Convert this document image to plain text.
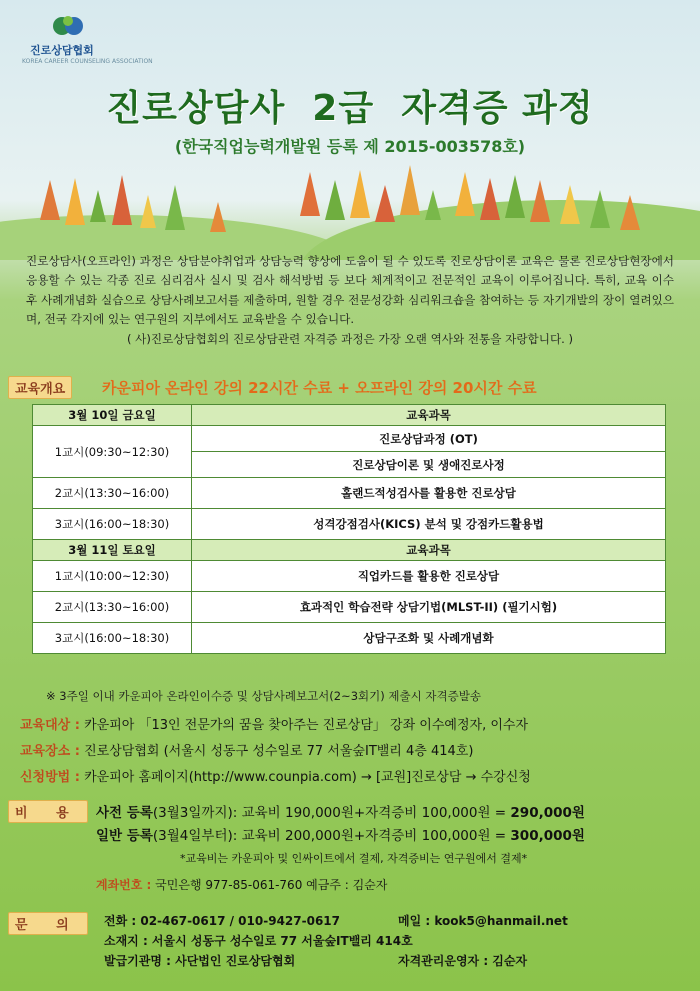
진로상담협회
KOREA CAREER COUNSELING ASSOCIATION
진로상담사  2급  자격증 과정
(한국직업능력개발원 등록 제 2015-003578호)

진로상담사(오프라인) 과정은 상담분야취업과 상담능력 향상에 도움이 될 수 있도록 진로상담이론 교육은 물론 진로상담현장에서 응용할 수 있는 각종 진로 심리검사 실시 및 검사 해석방법 등 보다 체계적이고 전문적인 교육이 이루어집니다. 특히, 교육 이수 후 사례개념화 실습으로 상담사례보고서를 제출하며, 원할 경우 전문성강화 심리워크숍을 참여하는 등 자기개발의 장이 열려있으며, 전국 각지에 있는 연구원의 지부에서도 교육받을 수 있습니다.

( 사)진로상담협회의 진로상담관련 자격증 과정은 가장 오랜 역사와 전통을 자랑합니다. )

교육개요	카운피아 온라인 강의 22시간 수료 + 오프라인 강의 20시간 수료
3월 10일 금요일	교육과목
1교시(09:30~12:30)	진로상담과정 (OT)
	진로상담이론 및 생애진로사정
2교시(13:30~16:00)	홀랜드적성검사를 활용한 진로상담
3교시(16:00~18:30)	성격강점검사(KICS) 분석 및 강점카드활용법
3월 11일 토요일	교육과목
1교시(10:00~12:30)	직업카드를 활용한 진로상담
2교시(13:30~16:00)	효과적인 학습전략 상담기법(MLST-II) (필기시험)
3교시(16:00~18:30)	상담구조화 및 사례개념화
※ 3주일 이내 카운피아 온라인이수증 및 상담사례보고서(2~3회기) 제출시 자격증발송
교육대상 : 카운피아 「13인 전문가의 꿈을 찾아주는 진로상담」 강좌 이수예정자, 이수자
교육장소 : 진로상담협회 (서울시 성동구 성수일로 77 서울숲IT밸리 4층 414호)
신청방법 : 카운피아 홈페이지(http://www.counpia.com) → [교원]진로상담 → 수강신청
비 용	사전 등록(3월3일까지): 교육비 190,000원+자격증비 100,000원 = 290,000원
일반 등록(3월4일부터): 교육비 200,000원+자격증비 100,000원 = 300,000원
*교육비는 카운피아 및 인싸이트에서 결제, 자격증비는 연구원에서 결제*
계좌번호 : 국민은행 977-85-061-760 예금주 : 김순자
문 의	전화 : 02-467-0617 / 010-9427-0617	메일 : kook5@hanmail.net
소재지 : 서울시 성동구 성수일로 77 서울숲IT밸리 414호
발급기관명 : 사단법인 진로상담협회	자격관리운영자 : 김순자
